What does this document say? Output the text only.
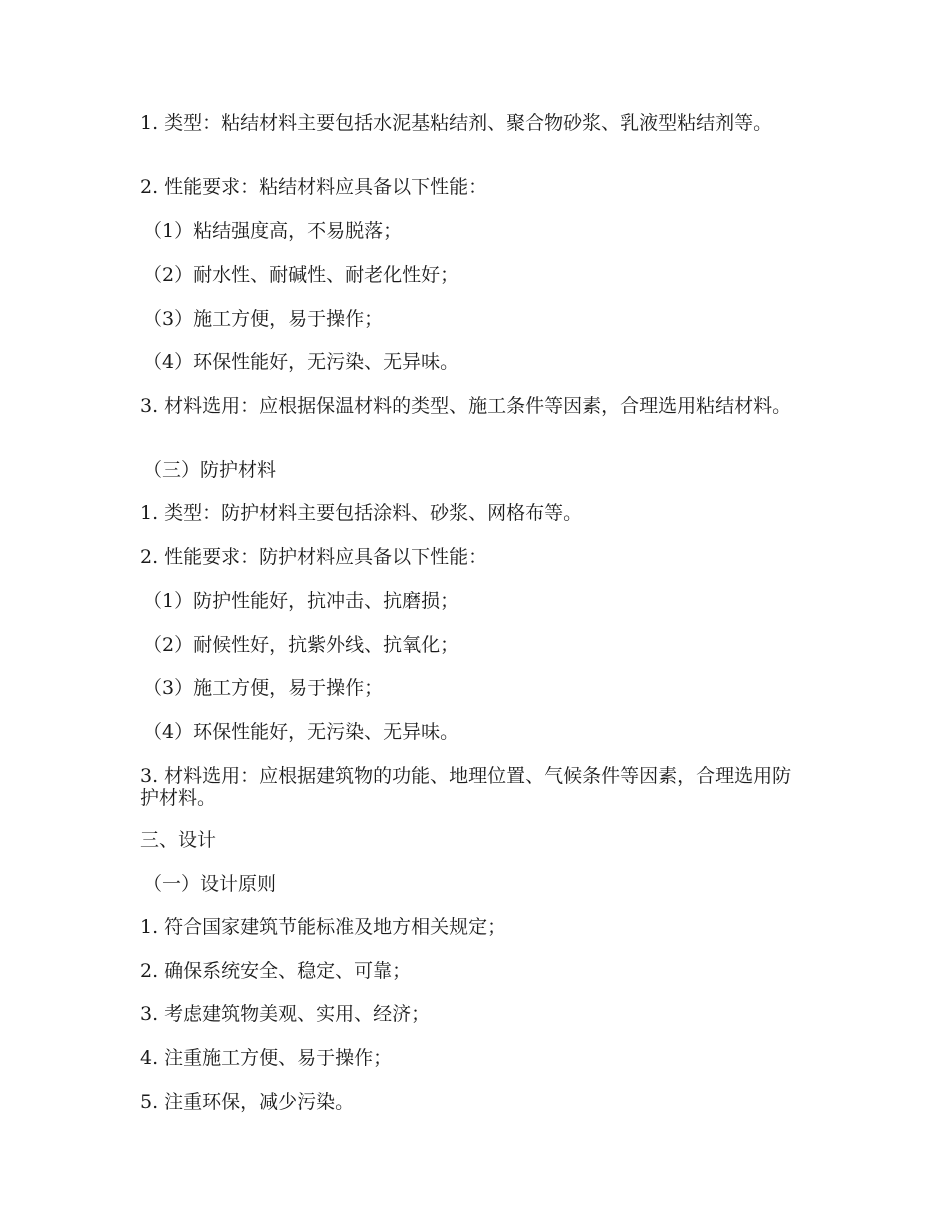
1. 类型：粘结材料主要包括水泥基粘结剂、聚合物砂浆、乳液型粘结剂等。

2. 性能要求：粘结材料应具备以下性能：

（1）粘结强度高，不易脱落；

（2）耐水性、耐碱性、耐老化性好；

（3）施工方便，易于操作；

（4）环保性能好，无污染、无异味。

3. 材料选用：应根据保温材料的类型、施工条件等因素，合理选用粘结材料。

（三）防护材料

1. 类型：防护材料主要包括涂料、砂浆、网格布等。

2. 性能要求：防护材料应具备以下性能：

（1）防护性能好，抗冲击、抗磨损；

（2）耐候性好，抗紫外线、抗氧化；

（3）施工方便，易于操作；

（4）环保性能好，无污染、无异味。

3. 材料选用：应根据建筑物的功能、地理位置、气候条件等因素，合理选用防护材料。

三、设计

（一）设计原则

1. 符合国家建筑节能标准及地方相关规定；

2. 确保系统安全、稳定、可靠；

3. 考虑建筑物美观、实用、经济；

4. 注重施工方便、易于操作；

5. 注重环保，减少污染。
